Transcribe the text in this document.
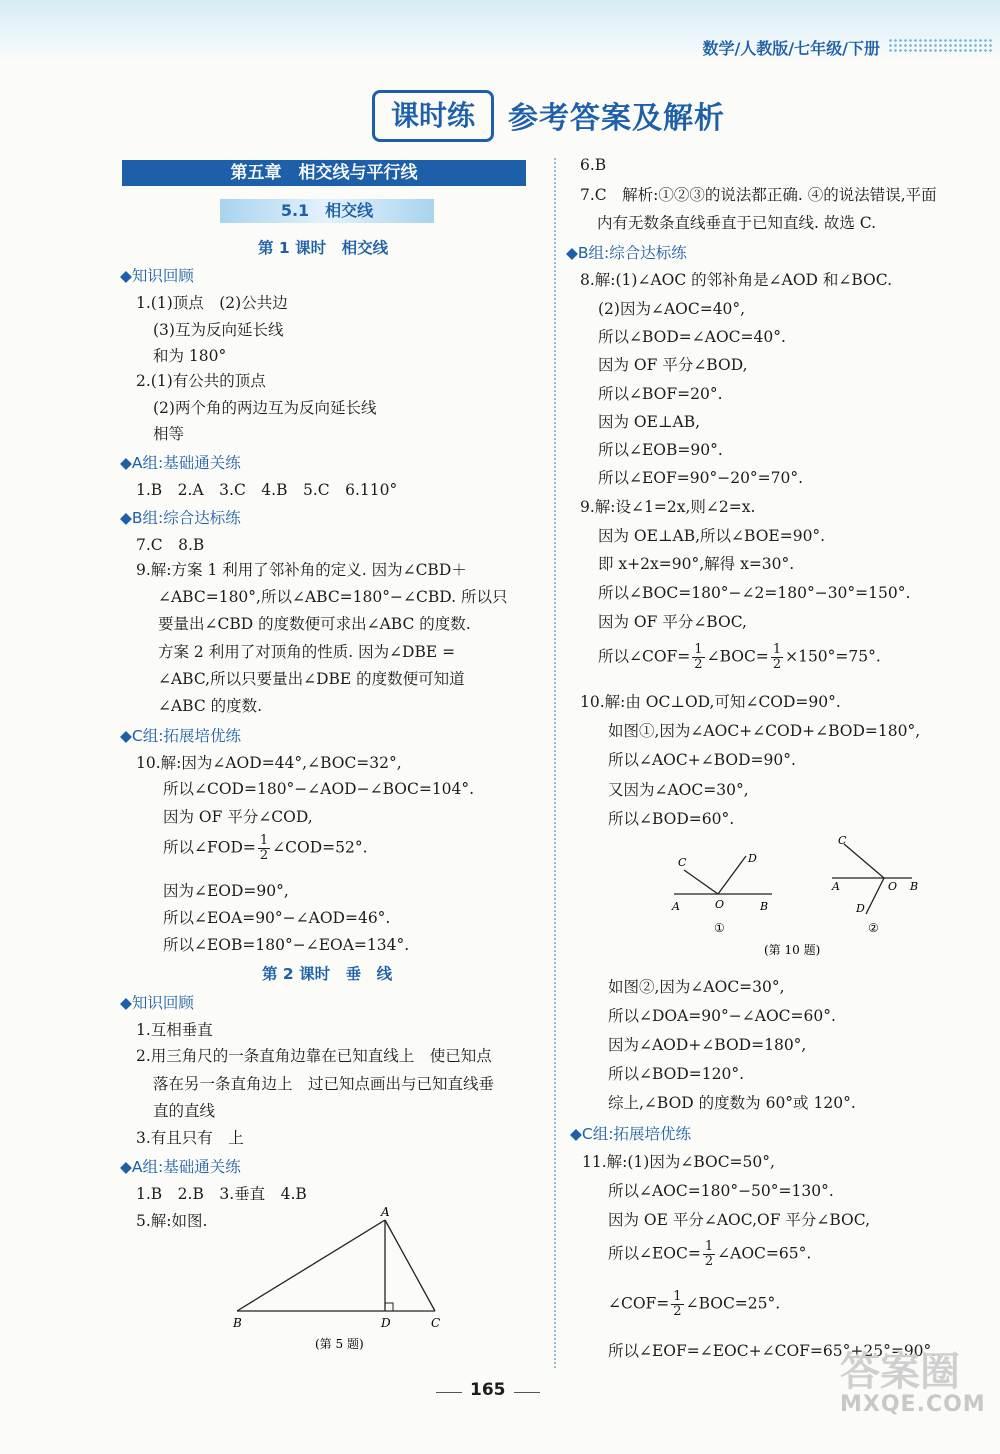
数学/人教版/七年级/下册
课时练	参考答案及解析
第五章　相交线与平行线
5.1　相交线
第 1 课时　相交线
◆知识回顾
1.(1)顶点　(2)公共边
(3)互为反向延长线
和为 180°
2.(1)有公共的顶点
(2)两个角的两边互为反向延长线
相等
◆A组:基础通关练
1.B　2.A　3.C　4.B　5.C　6.110°
◆B组:综合达标练
7.C　8.B
9.解:方案 1 利用了邻补角的定义. 因为∠CBD＋
∠ABC=180°,所以∠ABC=180°−∠CBD. 所以只
要量出∠CBD 的度数便可求出∠ABC 的度数.
方案 2 利用了对顶角的性质. 因为∠DBE =
∠ABC,所以只要量出∠DBE 的度数便可知道
∠ABC 的度数.
◆C组:拓展培优练
10.解:因为∠AOD=44°,∠BOC=32°,
所以∠COD=180°−∠AOD−∠BOC=104°.
因为 OF 平分∠COD,
所以∠FOD= $\frac{1}{2}$ ∠COD=52°.
因为∠EOD=90°,
所以∠EOA=90°−∠AOD=46°.
所以∠EOB=180°−∠EOA=134°.
第 2 课时　垂　线
◆知识回顾
1.互相垂直
2.用三角尺的一条直角边靠在已知直线上　使已知点
落在另一条直角边上　过已知点画出与已知直线垂
直的直线
3.有且只有　上
◆A组:基础通关练
1.B　2.B　3.垂直　4.B
5.解:如图.	A
B	D	C
(第 5 题)
6.B
7.C　解析:①②③的说法都正确. ④的说法错误,平面
内有无数条直线垂直于已知直线. 故选 C.
◆B组:综合达标练
8.解:(1)∠AOC 的邻补角是∠AOD 和∠BOC.
(2)因为∠AOC=40°,
所以∠BOD=∠AOC=40°.
因为 OF 平分∠BOD,
所以∠BOF=20°.
因为 OE⊥AB,
所以∠EOB=90°.
所以∠EOF=90°−20°=70°.
9.解:设∠1=2x,则∠2=x.
因为 OE⊥AB,所以∠BOE=90°.
即 x+2x=90°,解得 x=30°.
所以∠BOC=180°−∠2=180°−30°=150°.
因为 OF 平分∠BOC,
所以∠COF= $\frac{1}{2}$ ∠BOC= $\frac{1}{2} \times 150^\circ=75^\circ$.
10.解:由 OC⊥OD,可知∠COD=90°.
如图①,因为∠AOC+∠COD+∠BOD=180°,
所以∠AOC+∠BOD=90°.
又因为∠AOC=30°,
所以∠BOD=60°.
C	D
A	O	B
①
C
A	O B
D
②
(第 10 题)
如图②,因为∠AOC=30°,
所以∠DOA=90°−∠AOC=60°.
因为∠AOD+∠BOD=180°,
所以∠BOD=120°.
综上,∠BOD 的度数为 60°或 120°.
◆C组:拓展培优练
11.解:(1)因为∠BOC=50°,
所以∠AOC=180°−50°=130°.
因为 OE 平分∠AOC,OF 平分∠BOC,
所以∠EOC= $\frac{1}{2}$ ∠AOC=65°.
∠COF= $\frac{1}{2}$ ∠BOC=25°.
所以∠EOF=∠EOC+∠COF=65°+25°=90°.
165	答案圈
MXQE.COM
